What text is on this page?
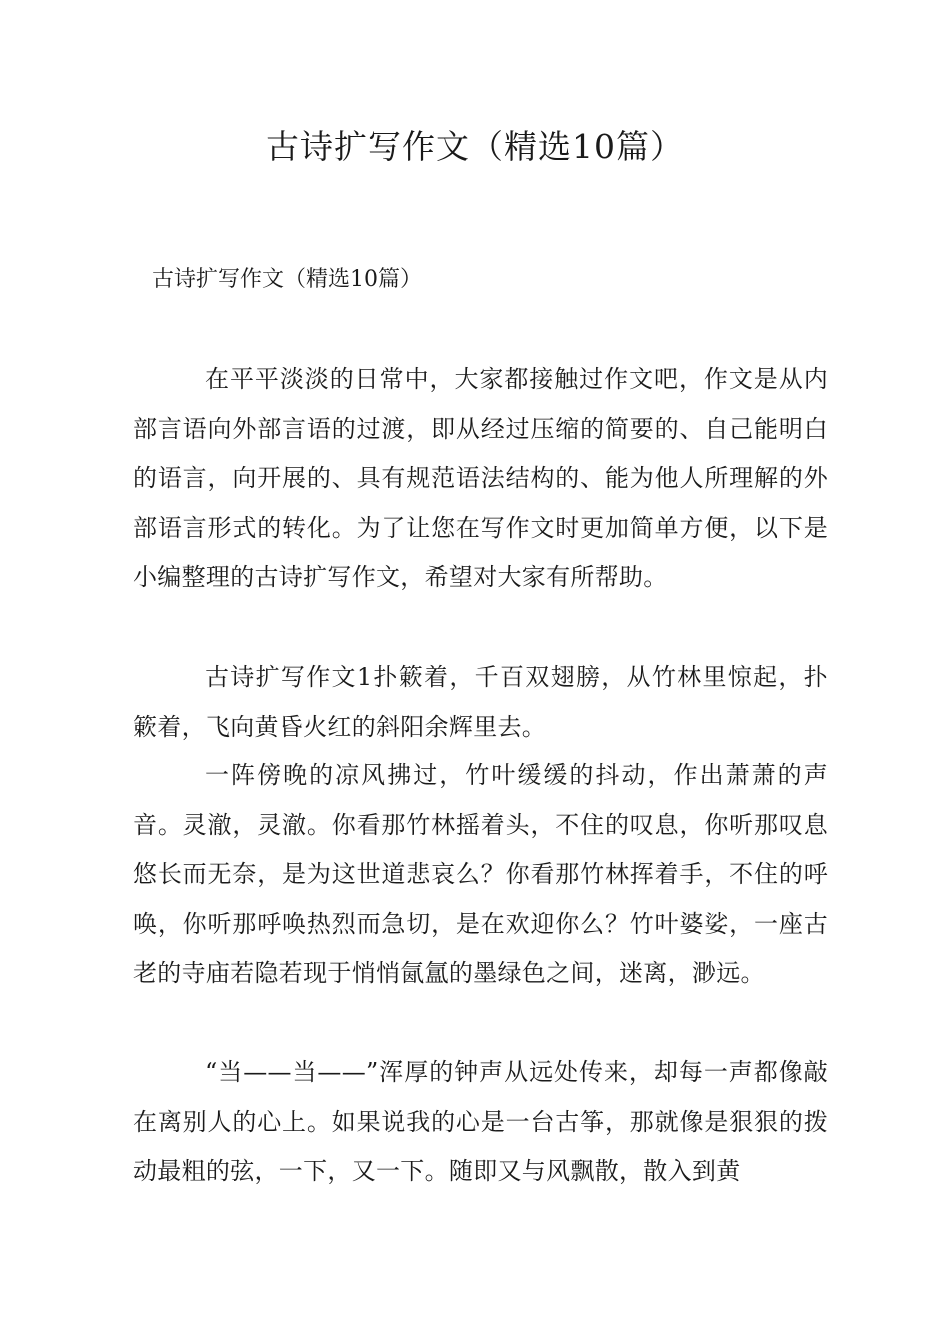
古诗扩写作文（精选10篇）

古诗扩写作文（精选10篇）

在平平淡淡的日常中，大家都接触过作文吧，作文是从内部言语向外部言语的过渡，即从经过压缩的简要的、自己能明白的语言，向开展的、具有规范语法结构的、能为他人所理解的外部语言形式的转化。为了让您在写作文时更加简单方便，以下是小编整理的古诗扩写作文，希望对大家有所帮助。

古诗扩写作文1扑簌着，千百双翅膀，从竹林里惊起，扑簌着，飞向黄昏火红的斜阳余辉里去。

一阵傍晚的凉风拂过，竹叶缓缓的抖动，作出萧萧的声音。灵澈，灵澈。你看那竹林摇着头，不住的叹息，你听那叹息悠长而无奈，是为这世道悲哀么？你看那竹林挥着手，不住的呼唤，你听那呼唤热烈而急切，是在欢迎你么？竹叶婆娑，一座古老的寺庙若隐若现于悄悄氤氲的墨绿色之间，迷离，渺远。

“当——当——”浑厚的钟声从远处传来，却每一声都像敲在离别人的心上。如果说我的心是一台古筝，那就像是狠狠的拨动最粗的弦，一下，又一下。随即又与风飘散，散入到黄
